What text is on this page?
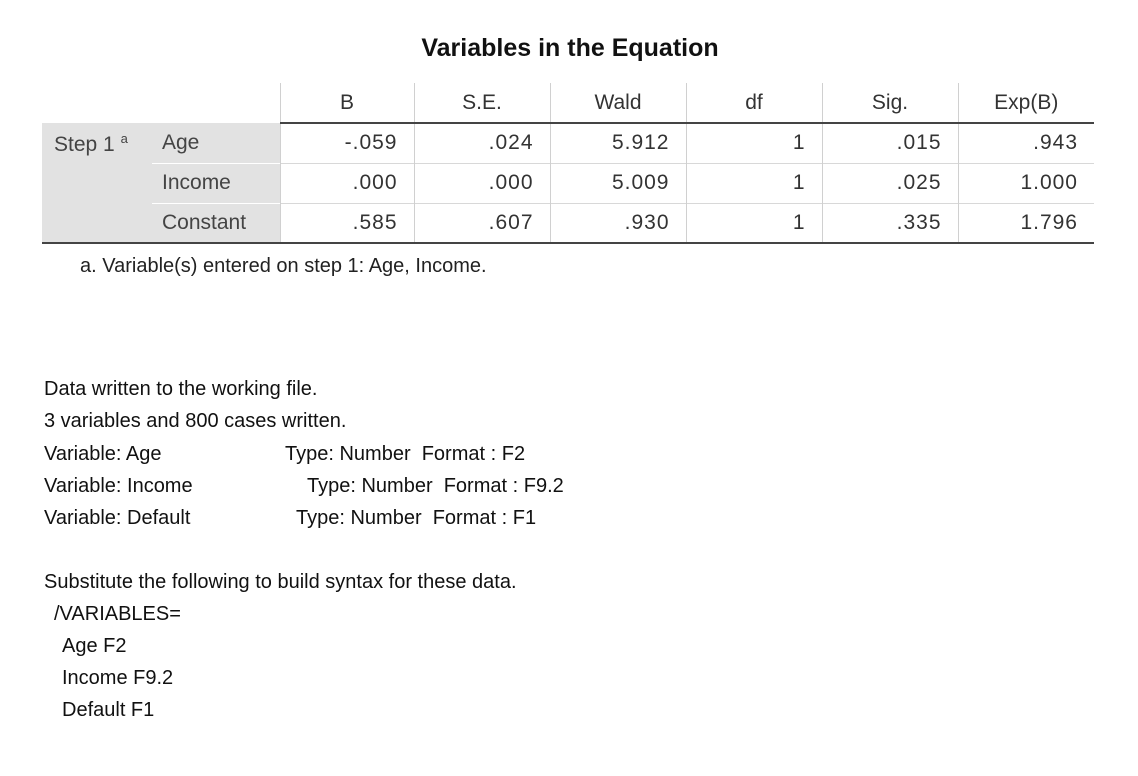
Variables in the Equation
		B	S.E.	Wald	df	Sig.	Exp(B)
Step 1 $^a$	Age	-.059	.024	5.912	1	.015	.943
	Income	.000	.000	5.009	1	.025	1.000
	Constant	.585	.607	.930	1	.335	1.796
a. Variable(s) entered on step 1: Age, Income.
Data written to the working file.
3 variables and 800 cases written.
Variable: Age	Type: Number  Format : F2
Variable: Income	Type: Number  Format : F9.2
Variable: Default	Type: Number  Format : F1
Substitute the following to build syntax for these data.
/VARIABLES=
Age F2
Income F9.2
Default F1
